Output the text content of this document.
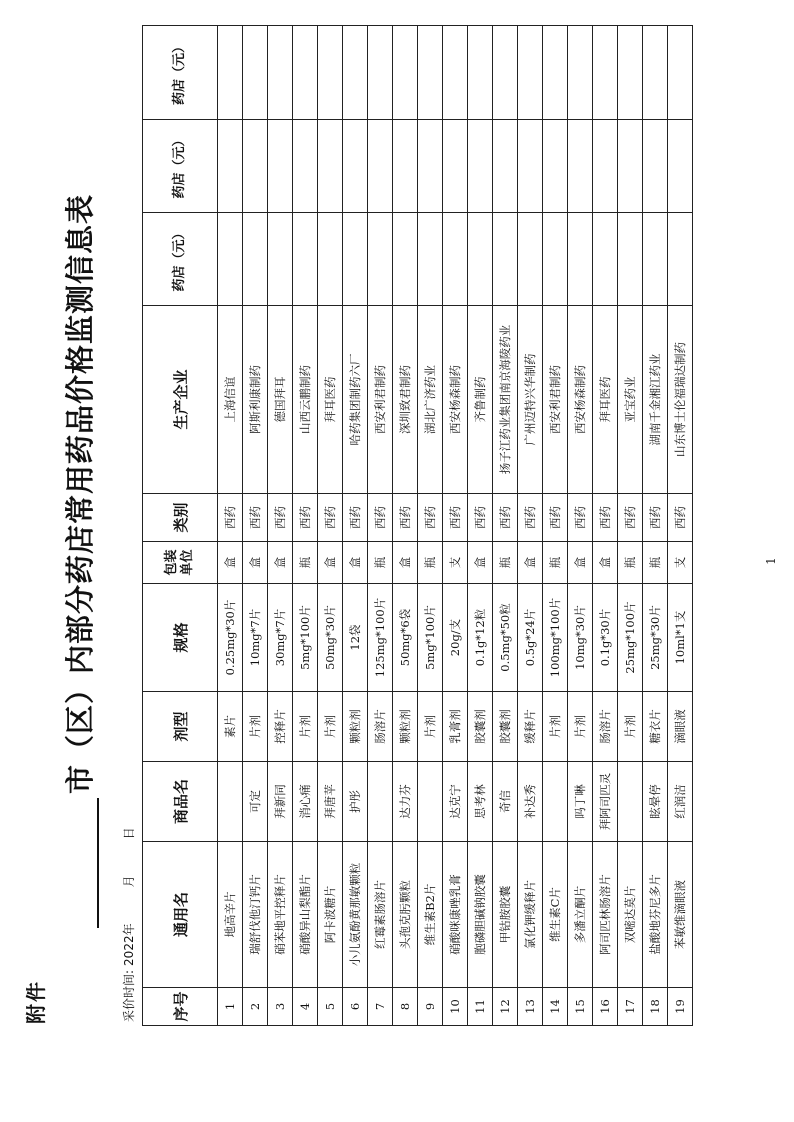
附件
市（区）内部分药店常用药品价格监测信息表
采价时间:2022年月日
序号	通用名	商品名	剂型	规格	包装单位	类别	生产企业	药店（元）	药店（元）	药店（元）
1	地高辛片		素片	0.25mg*30片	盒	西药	上海信谊			
2	瑞舒伐他汀钙片	可定	片剂	10mg*7片	盒	西药	阿斯利康制药			
3	硝苯地平控释片	拜新同	控释片	30mg*7片	盒	西药	德国拜耳			
4	硝酸异山梨酯片	消心痛	片剂	5mg*100片	瓶	西药	山西云鹏制药			
5	阿卡波糖片	拜唐苹	片剂	50mg*30片	盒	西药	拜耳医药			
6	小儿氨酚黄那敏颗粒	护彤	颗粒剂	12袋	盒	西药	哈药集团制药六厂			
7	红霉素肠溶片		肠溶片	125mg*100片	瓶	西药	西安利君制药			
8	头孢克肟颗粒	达力芬	颗粒剂	50mg*6袋	盒	西药	深圳致君制药			
9	维生素B2片		片剂	5mg*100片	瓶	西药	湖北广济药业			
10	硝酸咪康唑乳膏	达克宁	乳膏剂	20g/支	支	西药	西安杨森制药			
11	胞磷胆碱钠胶囊	思考林	胶囊剂	0.1g*12粒	盒	西药	齐鲁制药			
12	甲钴胺胶囊	奇信	胶囊剂	0.5mg*50粒	瓶	西药	扬子江药业集团南京海陵药业			
13	氯化钾缓释片	补达秀	缓释片	0.5g*24片	盒	西药	广州迈特兴华制药			
14	维生素C片		片剂	100mg*100片	瓶	西药	西安利君制药			
15	多潘立酮片	吗丁啉	片剂	10mg*30片	盒	西药	西安杨森制药			
16	阿司匹林肠溶片	拜阿司匹灵	肠溶片	0.1g*30片	盒	西药	拜耳医药			
17	双嘧达莫片		片剂	25mg*100片	瓶	西药	亚宝药业			
18	盐酸地芬尼多片	眩晕停	糖衣片	25mg*30片	瓶	西药	湖南千金湘江药业			
19	苯敏维滴眼液	红润洁	滴眼液	10ml*1支	支	西药	山东博士伦福瑞达制药			
1
